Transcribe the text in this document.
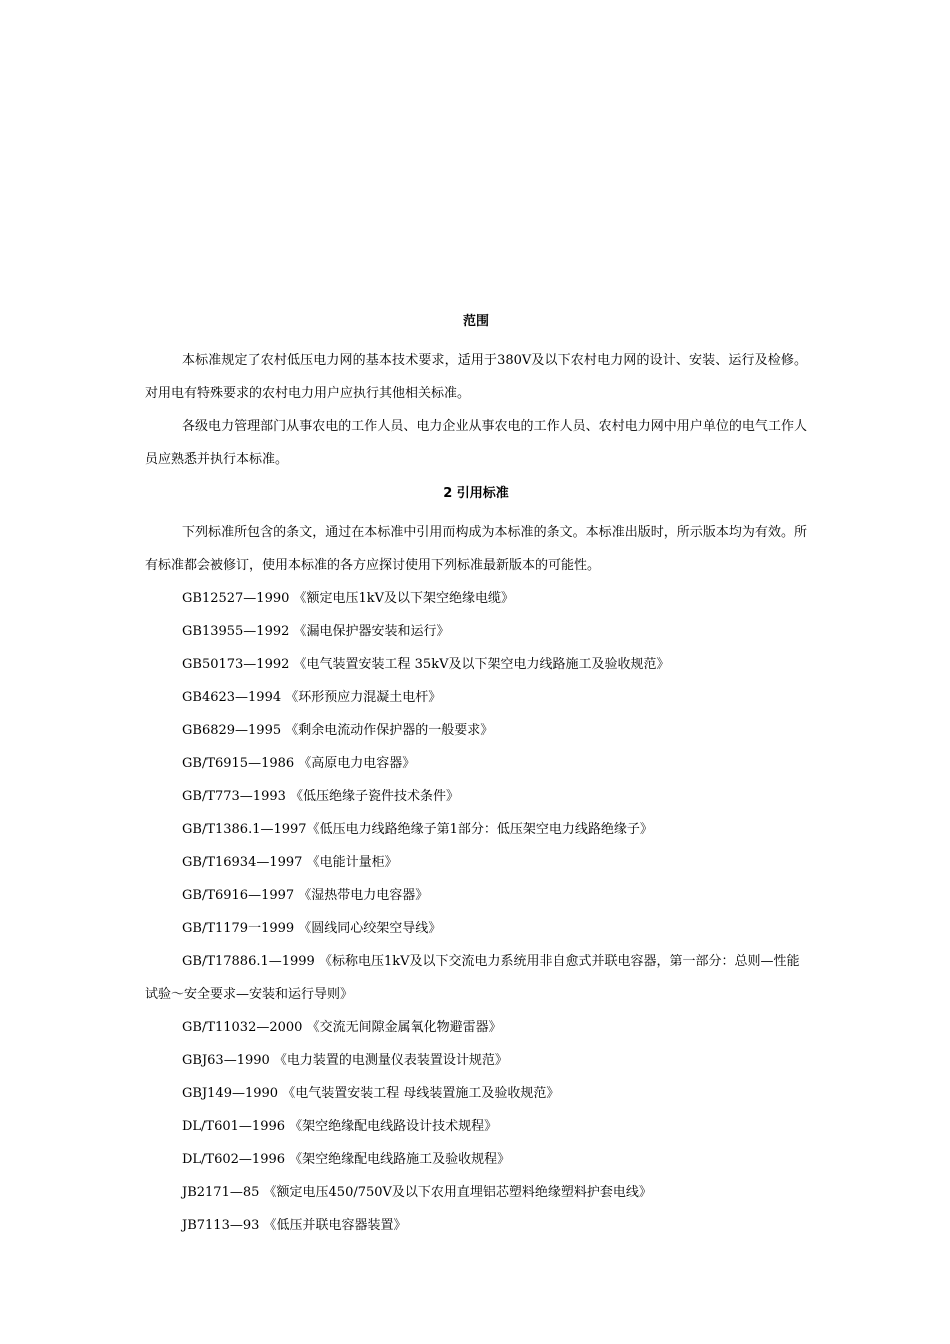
范围

本标准规定了农村低压电力网的基本技术要求，适用于380V及以下农村电力网的设计、安装、运行及检修。对用电有特殊要求的农村电力用户应执行其他相关标准。

各级电力管理部门从事农电的工作人员、电力企业从事农电的工作人员、农村电力网中用户单位的电气工作人员应熟悉并执行本标准。

2 引用标准

下列标准所包含的条文，通过在本标准中引用而构成为本标准的条文。本标准出版时，所示版本均为有效。所有标准都会被修订，使用本标准的各方应探讨使用下列标准最新版本的可能性。

GB12527—1990 《额定电压1kV及以下架空绝缘电缆》

GB13955—1992 《漏电保护器安装和运行》

GB50173—1992 《电气装置安装工程 35kV及以下架空电力线路施工及验收规范》

GB4623—1994 《环形预应力混凝土电杆》

GB6829—1995 《剩余电流动作保护器的一般要求》

GB/T6915—1986 《高原电力电容器》

GB/T773—1993 《低压绝缘子瓷件技术条件》

GB/T1386.1—1997《低压电力线路绝缘子第1部分：低压架空电力线路绝缘子》

GB/T16934—1997 《电能计量柜》

GB/T6916—1997 《湿热带电力电容器》

GB/T1179一1999 《圆线同心绞架空导线》

GB/T17886.1—1999 《标称电压1kV及以下交流电力系统用非自愈式并联电容器，第一部分：总则—性能试验～安全要求—安装和运行导则》

GB/T11032—2000 《交流无间隙金属氧化物避雷器》

GBJ63—1990 《电力装置的电测量仪表装置设计规范》

GBJ149—1990 《电气装置安装工程 母线装置施工及验收规范》

DL/T601—1996 《架空绝缘配电线路设计技术规程》

DL/T602—1996 《架空绝缘配电线路施工及验收规程》

JB2171—85 《额定电压450/750V及以下农用直埋铝芯塑料绝缘塑料护套电线》

JB7113—93 《低压并联电容器装置》
